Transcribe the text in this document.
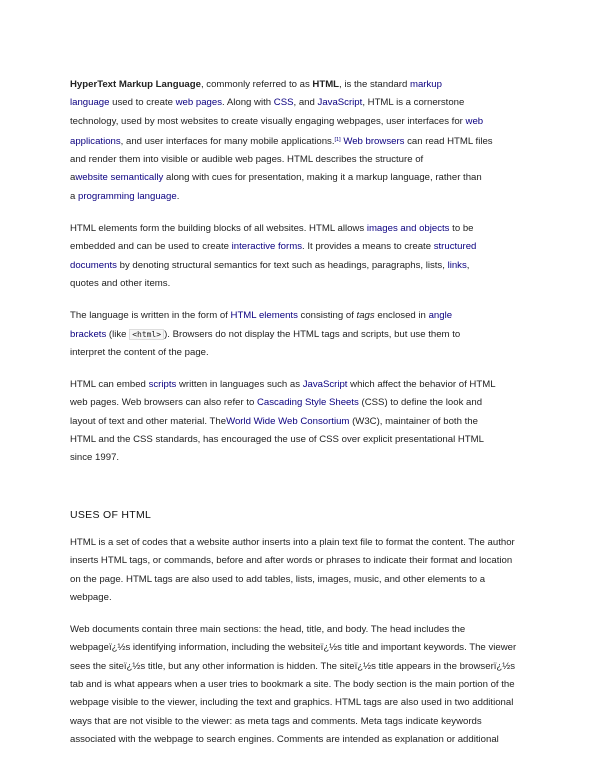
HyperText Markup Language, commonly referred to as HTML, is the standard markup
language used to create web pages. Along with CSS, and JavaScript, HTML is a cornerstone
technology, used by most websites to create visually engaging webpages, user interfaces for web
applications, and user interfaces for many mobile applications.[1] Web browsers can read HTML files
and render them into visible or audible web pages. HTML describes the structure of
awebsite semantically along with cues for presentation, making it a markup language, rather than
a programming language.
HTML elements form the building blocks of all websites. HTML allows images and objects to be
embedded and can be used to create interactive forms. It provides a means to create structured
documents by denoting structural semantics for text such as headings, paragraphs, lists, links,
quotes and other items.
The language is written in the form of HTML elements consisting of tags enclosed in angle
brackets (like <html> ). Browsers do not display the HTML tags and scripts, but use them to
interpret the content of the page.
HTML can embed scripts written in languages such as JavaScript which affect the behavior of HTML
web pages. Web browsers can also refer to Cascading Style Sheets (CSS) to define the look and
layout of text and other material. TheWorld Wide Web Consortium (W3C), maintainer of both the
HTML and the CSS standards, has encouraged the use of CSS over explicit presentational HTML
since 1997.
USES OF HTML
HTML is a set of codes that a website author inserts into a plain text file to format the content. The author
inserts HTML tags, or commands, before and after words or phrases to indicate their format and location
on the page. HTML tags are also used to add tables, lists, images, music, and other elements to a
webpage.
Web documents contain three main sections: the head, title, and body. The head includes the
webpageï¿½s identifying information, including the websiteï¿½s title and important keywords. The viewer
sees the siteï¿½s title, but any other information is hidden. The siteï¿½s title appears in the browserï¿½s
tab and is what appears when a user tries to bookmark a site. The body section is the main portion of the
webpage visible to the viewer, including the text and graphics. HTML tags are also used in two additional
ways that are not visible to the viewer: as meta tags and comments. Meta tags indicate keywords
associated with the webpage to search engines. Comments are intended as explanation or additional
